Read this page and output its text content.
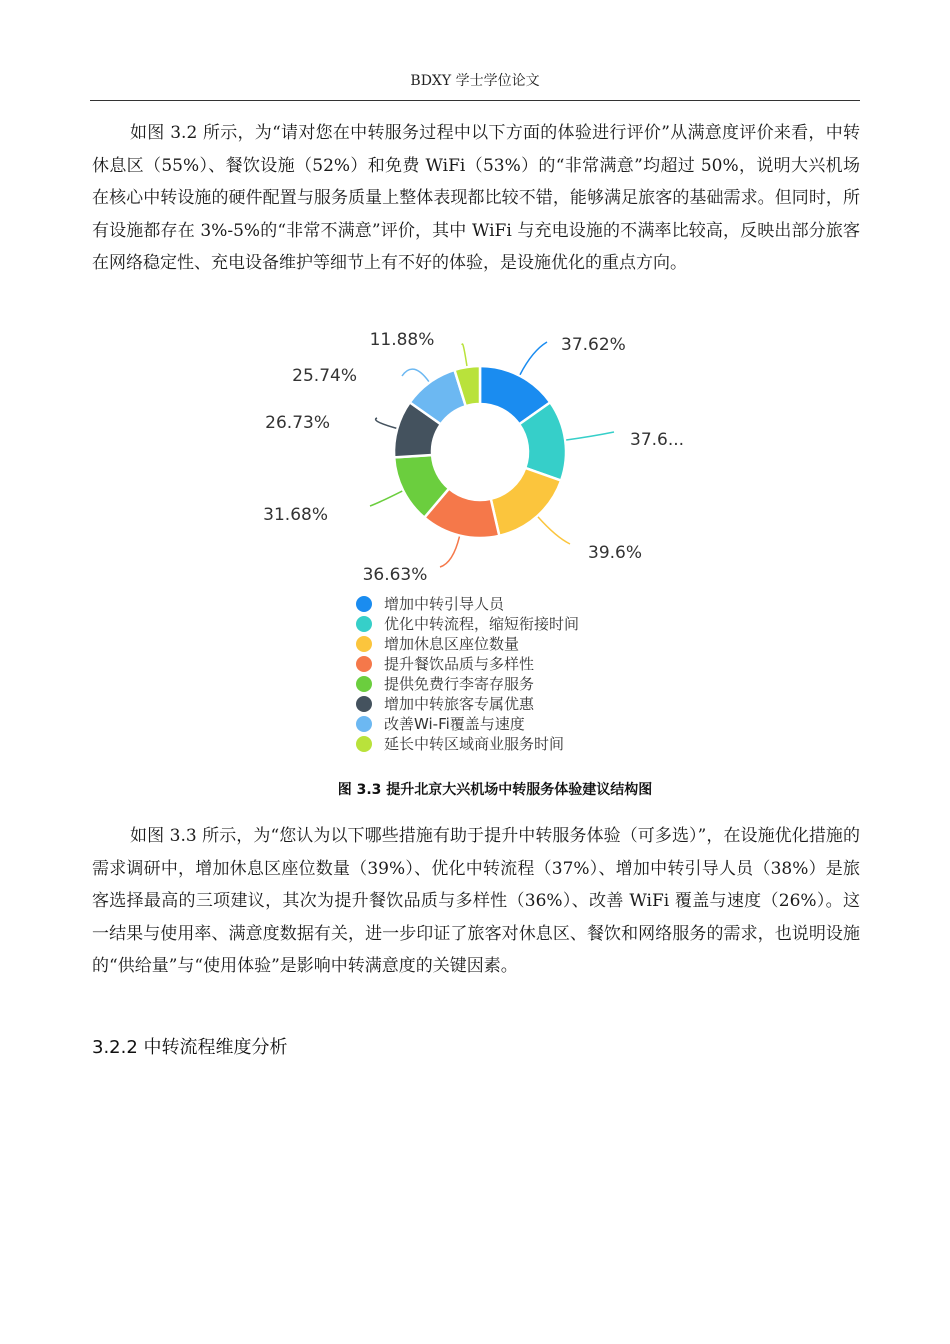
BDXY 学士学位论文

如图 3.2 所示，为“请对您在中转服务过程中以下方面的体验进行评价”从满意度评价来看，中转休息区（55%）、餐饮设施（52%）和免费 WiFi（53%）的“非常满意”均超过 50%，说明大兴机场在核心中转设施的硬件配置与服务质量上整体表现都比较不错，能够满足旅客的基础需求。但同时，所有设施都存在 3%-5%的“非常不满意”评价，其中 WiFi 与充电设施的不满率比较高，反映出部分旅客在网络稳定性、充电设备维护等细节上有不好的体验，是设施优化的重点方向。

37.62%
37.6...
39.6%
36.63%
31.68%
26.73%
25.74%
11.88%
增加中转引导人员
优化中转流程，缩短衔接时间
增加休息区座位数量
提升餐饮品质与多样性
提供免费行李寄存服务
增加中转旅客专属优惠
改善Wi-Fi覆盖与速度
延长中转区域商业服务时间
图 3.3 提升北京大兴机场中转服务体验建议结构图

如图 3.3 所示，为“您认为以下哪些措施有助于提升中转服务体验（可多选）”，在设施优化措施的需求调研中，增加休息区座位数量（39%）、优化中转流程（37%）、增加中转引导人员（38%）是旅客选择最高的三项建议，其次为提升餐饮品质与多样性（36%）、改善 WiFi 覆盖与速度（26%）。这一结果与使用率、满意度数据有关，进一步印证了旅客对休息区、餐饮和网络服务的需求，也说明设施的“供给量”与“使用体验”是影响中转满意度的关键因素。

3.2.2 中转流程维度分析
